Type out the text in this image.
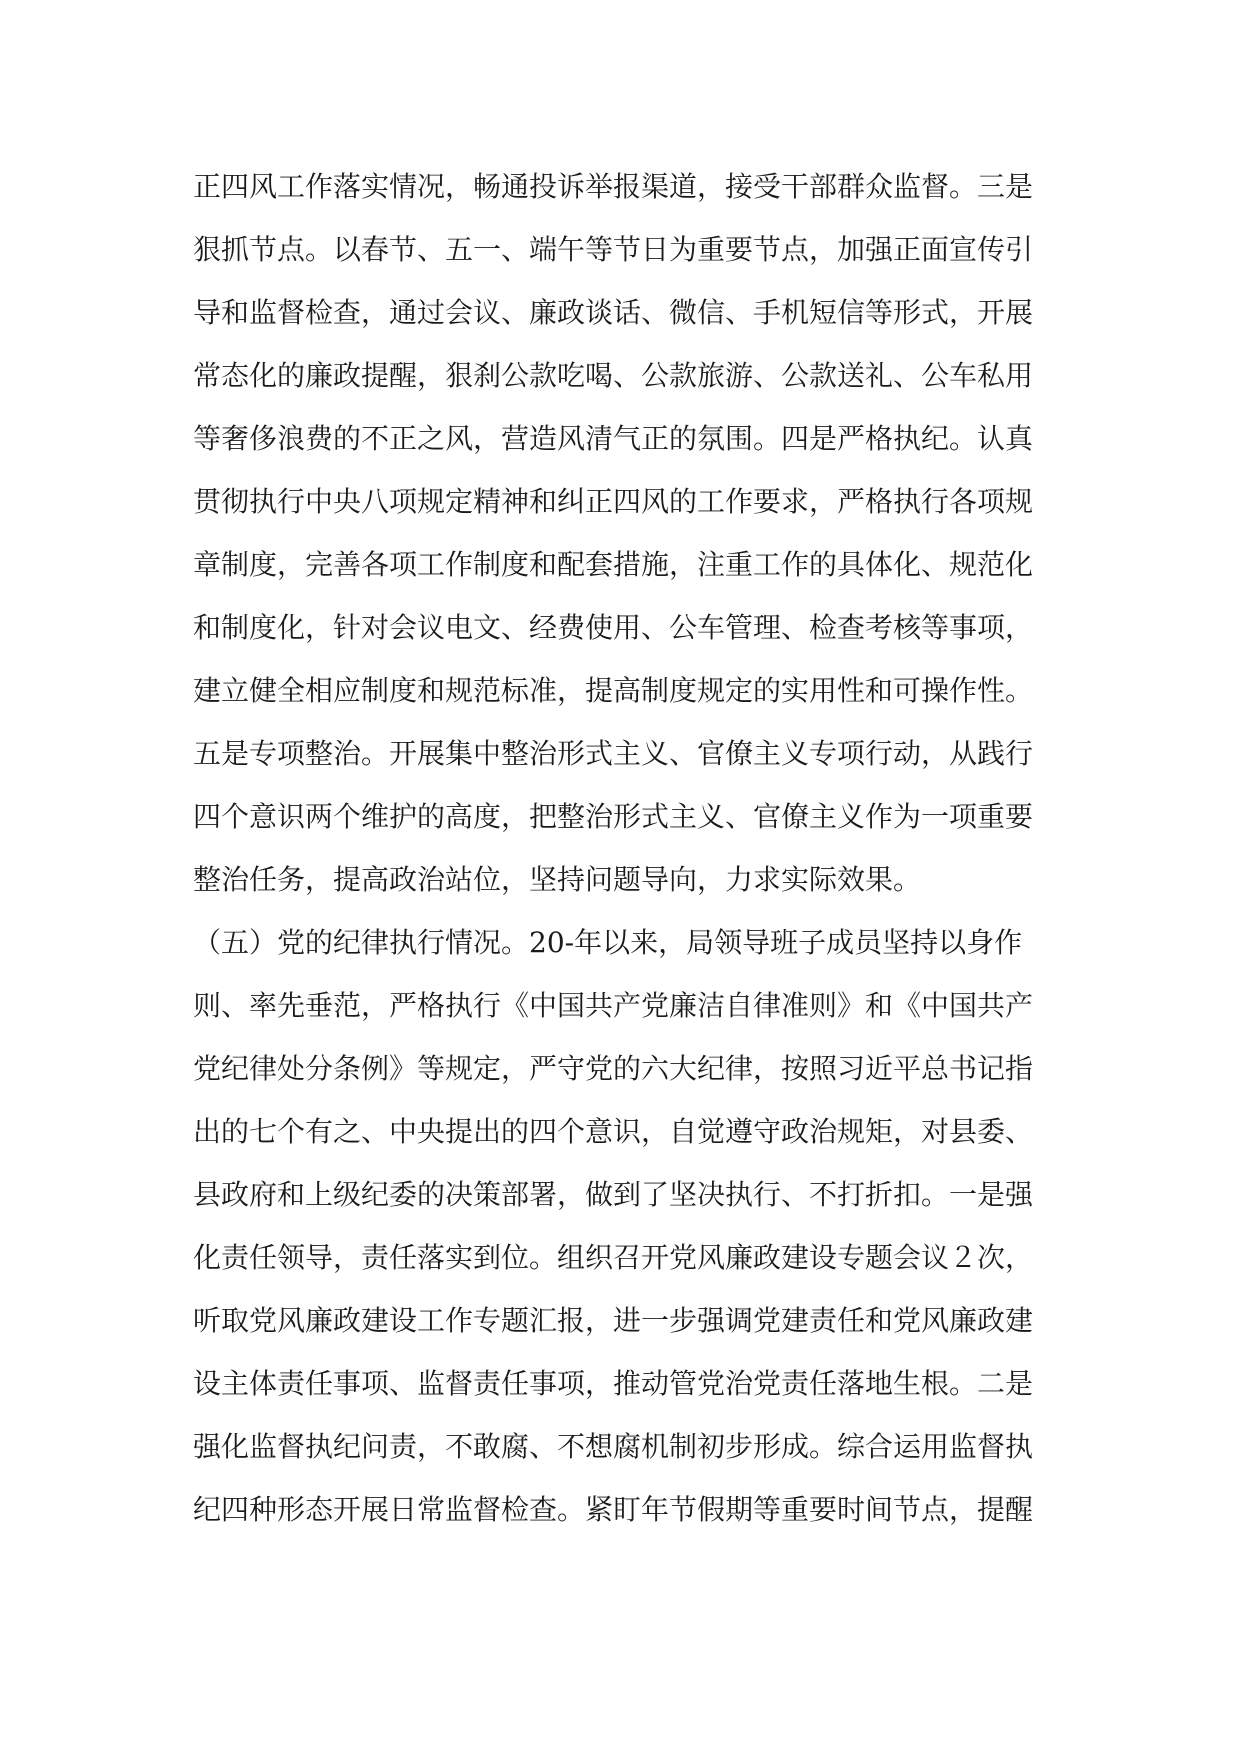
正四风工作落实情况，畅通投诉举报渠道，接受干部群众监督。三是
狠抓节点。以春节、五一、端午等节日为重要节点，加强正面宣传引
导和监督检查，通过会议、廉政谈话、微信、手机短信等形式，开展
常态化的廉政提醒，狠刹公款吃喝、公款旅游、公款送礼、公车私用
等奢侈浪费的不正之风，营造风清气正的氛围。四是严格执纪。认真
贯彻执行中央八项规定精神和纠正四风的工作要求，严格执行各项规
章制度，完善各项工作制度和配套措施，注重工作的具体化、规范化
和制度化，针对会议电文、经费使用、公车管理、检查考核等事项，
建立健全相应制度和规范标准，提高制度规定的实用性和可操作性。
五是专项整治。开展集中整治形式主义、官僚主义专项行动，从践行
四个意识两个维护的高度，把整治形式主义、官僚主义作为一项重要
整治任务，提高政治站位，坚持问题导向，力求实际效果。
（五）党的纪律执行情况。20-年以来，局领导班子成员坚持以身作
则、率先垂范，严格执行《中国共产党廉洁自律准则》和《中国共产
党纪律处分条例》等规定，严守党的六大纪律，按照习近平总书记指
出的七个有之、中央提出的四个意识，自觉遵守政治规矩，对县委、
县政府和上级纪委的决策部署，做到了坚决执行、不打折扣。一是强
化责任领导，责任落实到位。组织召开党风廉政建设专题会议２次，
听取党风廉政建设工作专题汇报，进一步强调党建责任和党风廉政建
设主体责任事项、监督责任事项，推动管党治党责任落地生根。二是
强化监督执纪问责，不敢腐、不想腐机制初步形成。综合运用监督执
纪四种形态开展日常监督检查。紧盯年节假期等重要时间节点，提醒
